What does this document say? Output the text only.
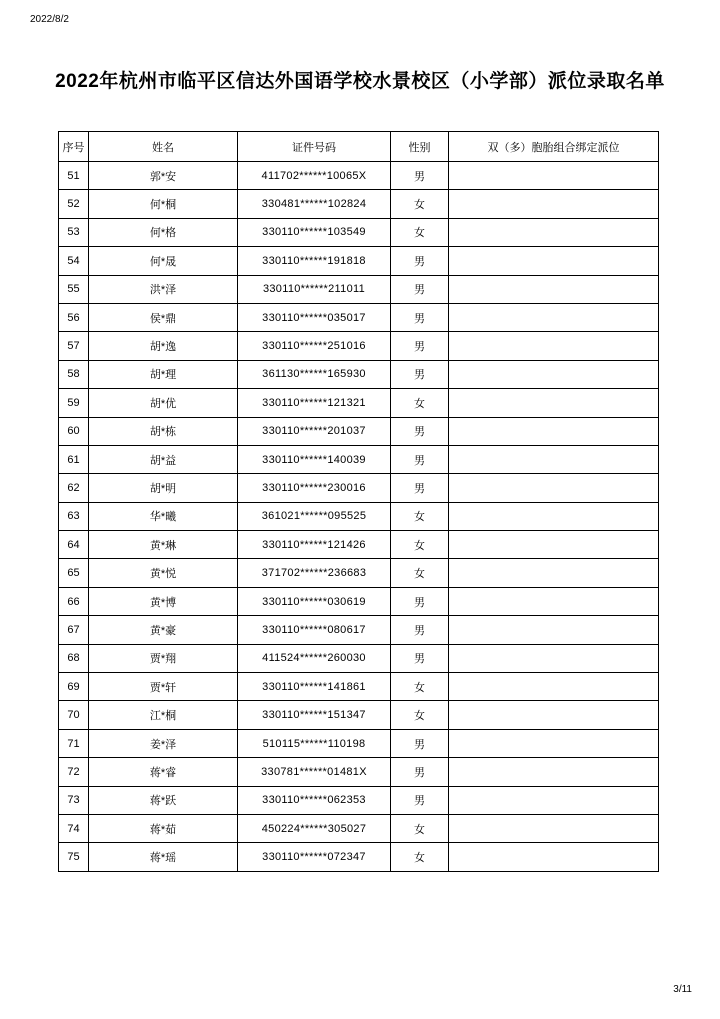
2022/8/2
2022年杭州市临平区信达外国语学校水景校区（小学部）派位录取名单
序号	姓名	证件号码	性别	双（多）胞胎组合绑定派位
51	郭*安	411702******10065X	男	
52	何*桐	330481******102824	女	
53	何*格	330110******103549	女	
54	何*晟	330110******191818	男	
55	洪*泽	330110******211011	男	
56	侯*鼎	330110******035017	男	
57	胡*逸	330110******251016	男	
58	胡*理	361130******165930	男	
59	胡*优	330110******121321	女	
60	胡*栋	330110******201037	男	
61	胡*益	330110******140039	男	
62	胡*明	330110******230016	男	
63	华*曦	361021******095525	女	
64	黄*琳	330110******121426	女	
65	黄*悦	371702******236683	女	
66	黄*博	330110******030619	男	
67	黄*豪	330110******080617	男	
68	贾*翔	411524******260030	男	
69	贾*轩	330110******141861	女	
70	江*桐	330110******151347	女	
71	姜*泽	510115******110198	男	
72	蒋*睿	330781******01481X	男	
73	蒋*跃	330110******062353	男	
74	蒋*茹	450224******305027	女	
75	蒋*瑶	330110******072347	女	
3/11
